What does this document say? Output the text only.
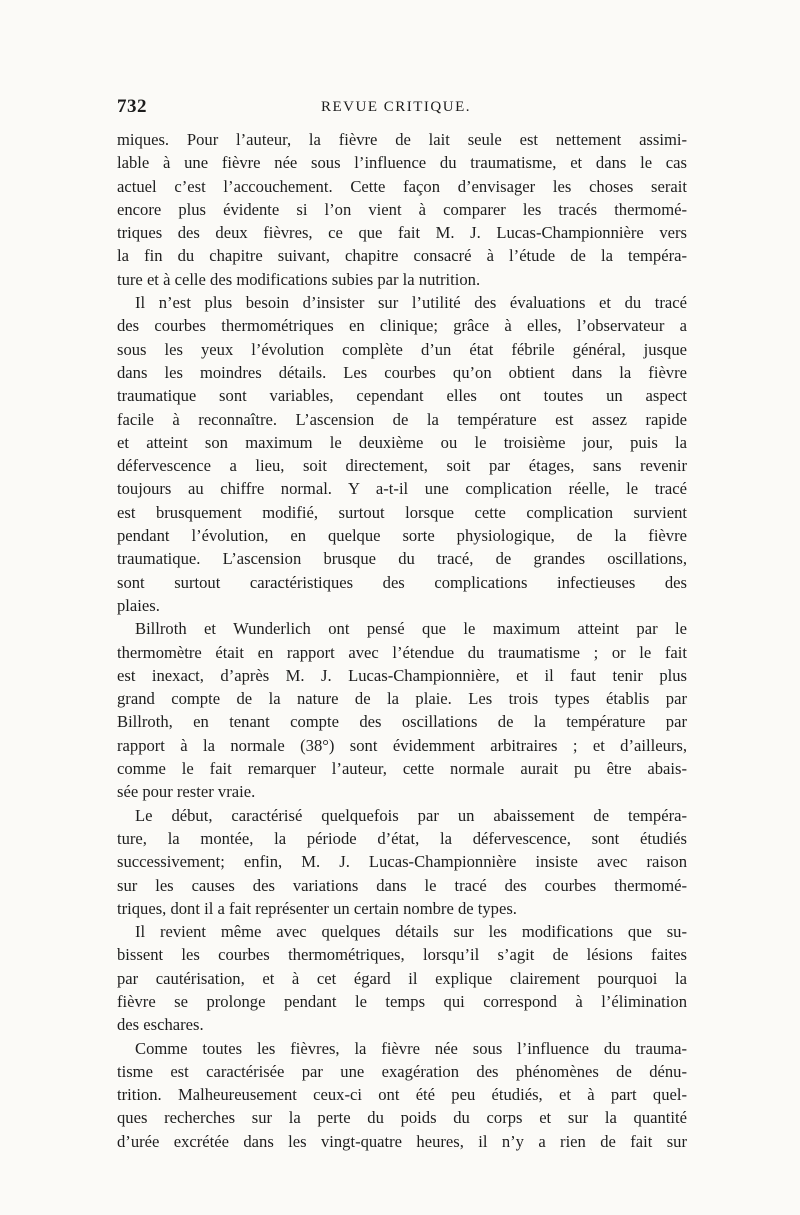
732	REVUE CRITIQUE.
miques. Pour l’auteur, la fièvre de lait seule est nettement assimi-
lable à une fièvre née sous l’influence du traumatisme, et dans le cas
actuel c’est l’accouchement. Cette façon d’envisager les choses serait
encore plus évidente si l’on vient à comparer les tracés thermomé-
triques des deux fièvres, ce que fait M. J. Lucas-Championnière vers
la fin du chapitre suivant, chapitre consacré à l’étude de la tempéra-
ture et à celle des modifications subies par la nutrition.
Il n’est plus besoin d’insister sur l’utilité des évaluations et du tracé
des courbes thermométriques en clinique; grâce à elles, l’observateur a
sous les yeux l’évolution complète d’un état fébrile général, jusque
dans les moindres détails. Les courbes qu’on obtient dans la fièvre
traumatique sont variables, cependant elles ont toutes un aspect
facile à reconnaître. L’ascension de la température est assez rapide
et atteint son maximum le deuxième ou le troisième jour, puis la
défervescence a lieu, soit directement, soit par étages, sans revenir
toujours au chiffre normal. Y a-t-il une complication réelle, le tracé
est brusquement modifié, surtout lorsque cette complication survient
pendant l’évolution, en quelque sorte physiologique, de la fièvre
traumatique. L’ascension brusque du tracé, de grandes oscillations,
sont surtout caractéristiques des complications infectieuses des
plaies.
Billroth et Wunderlich ont pensé que le maximum atteint par le
thermomètre était en rapport avec l’étendue du traumatisme ; or le fait
est inexact, d’après M. J. Lucas-Championnière, et il faut tenir plus
grand compte de la nature de la plaie. Les trois types établis par
Billroth, en tenant compte des oscillations de la température par
rapport à la normale (38°) sont évidemment arbitraires ; et d’ailleurs,
comme le fait remarquer l’auteur, cette normale aurait pu être abais-
sée pour rester vraie.
Le début, caractérisé quelquefois par un abaissement de tempéra-
ture, la montée, la période d’état, la défervescence, sont étudiés
successivement; enfin, M. J. Lucas-Championnière insiste avec raison
sur les causes des variations dans le tracé des courbes thermomé-
triques, dont il a fait représenter un certain nombre de types.
Il revient même avec quelques détails sur les modifications que su-
bissent les courbes thermométriques, lorsqu’il s’agit de lésions faites
par cautérisation, et à cet égard il explique clairement pourquoi la
fièvre se prolonge pendant le temps qui correspond à l’élimination
des eschares.
Comme toutes les fièvres, la fièvre née sous l’influence du trauma-
tisme est caractérisée par une exagération des phénomènes de dénu-
trition. Malheureusement ceux-ci ont été peu étudiés, et à part quel-
ques recherches sur la perte du poids du corps et sur la quantité
d’urée excrétée dans les vingt-quatre heures, il n’y a rien de fait sur
